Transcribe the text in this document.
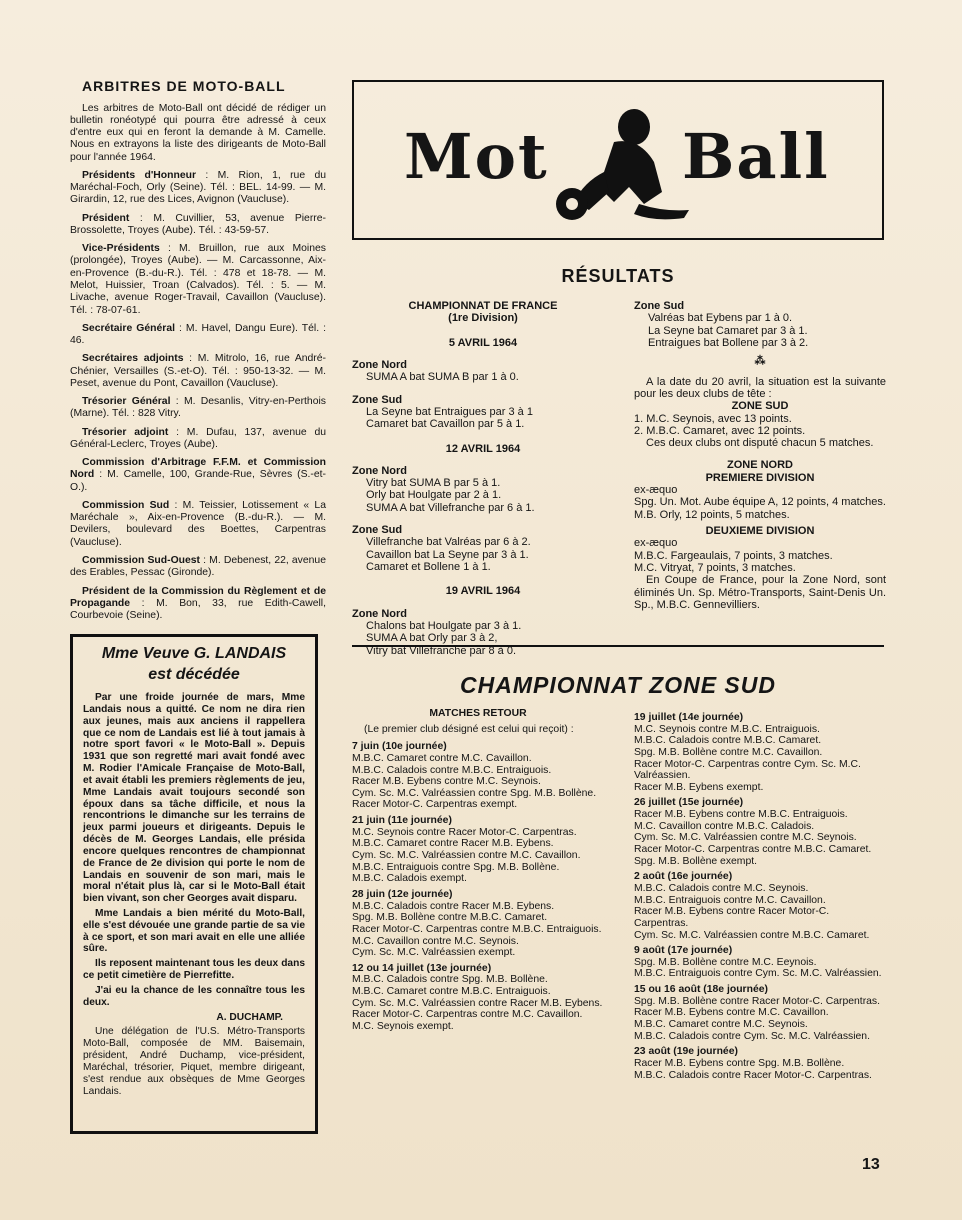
ARBITRES DE MOTO-BALL

Les arbitres de Moto-Ball ont décidé de rédiger un bulletin ronéotypé qui pourra être adressé à ceux d'entre eux qui en feront la demande à M. Camelle. Nous en extrayons la liste des dirigeants de Moto-Ball pour l'année 1964.

Présidents d'Honneur : M. Rion, 1, rue du Maréchal-Foch, Orly (Seine). Tél. : BEL. 14-99. — M. Girardin, 12, rue des Lices, Avignon (Vaucluse).

Président : M. Cuvillier, 53, avenue Pierre-Brossolette, Troyes (Aube). Tél. : 43-59-57.

Vice-Présidents : M. Bruillon, rue aux Moines (prolongée), Troyes (Aube). — M. Carcassonne, Aix-en-Provence (B.-du-R.). Tél. : 478 et 18-78. — M. Melot, Huissier, Troan (Calvados). Tél. : 5. — M. Livache, avenue Roger-Travail, Cavaillon (Vaucluse). Tél. : 78-07-61.

Secrétaire Général : M. Havel, Dangu Eure). Tél. : 46.

Secrétaires adjoints : M. Mitrolo, 16, rue André-Chénier, Versailles (S.-et-O). Tél. : 950-13-32. — M. Peset, avenue du Pont, Cavaillon (Vaucluse).

Trésorier Général : M. Desanlis, Vitry-en-Perthois (Marne). Tél. : 828 Vitry.

Trésorier adjoint : M. Dufau, 137, avenue du Général-Leclerc, Troyes (Aube).

Commission d'Arbitrage F.F.M. et Commission Nord : M. Camelle, 100, Grande-Rue, Sèvres (S.-et-O.).

Commission Sud : M. Teissier, Lotissement « La Maréchale », Aix-en-Provence (B.-du-R.). — M. Devilers, boulevard des Boettes, Carpentras (Vaucluse).

Commission Sud-Ouest : M. Debenest, 22, avenue des Erables, Pessac (Gironde).

Président de la Commission du Règlement et de Propagande : M. Bon, 33, rue Edith-Cawell, Courbevoie (Seine).

Mme Veuve G. LANDAIS
est décédée

Par une froide journée de mars, Mme Landais nous a quitté. Ce nom ne dira rien aux jeunes, mais aux anciens il rappellera que ce nom de Landais est lié à tout jamais à notre sport favori « le Moto-Ball ». Depuis 1931 que son regretté mari avait fondé avec M. Rodier l'Amicale Française de Moto-Ball, et avait établi les premiers règlements de jeu, Mme Landais avait toujours secondé son époux dans sa tâche difficile, et nous la rencontrions le dimanche sur les terrains de jeux parmi joueurs et dirigeants. Depuis le décès de M. Georges Landais, elle présida encore quelques rencontres de championnat de France de 2e division qui porte le nom de Landais en souvenir de son mari, mais le moral n'était plus là, car si le Moto-Ball était bien vivant, son cher Georges avait disparu.

Mme Landais a bien mérité du Moto-Ball, elle s'est dévouée une grande partie de sa vie à ce sport, et son mari avait en elle une alliée sûre.

Ils reposent maintenant tous les deux dans ce petit cimetière de Pierrefitte.

J'ai eu la chance de les connaître tous les deux.

A. DUCHAMP.

Une délégation de l'U.S. Métro-Transports Moto-Ball, composée de MM. Baisemain, président, André Duchamp, vice-président, Maréchal, trésorier, Piquet, membre dirigeant, s'est rendue aux obsèques de Mme Georges Landais.

Mot Ball
RÉSULTATS

CHAMPIONNAT DE FRANCE

(1re Division)

5 AVRIL 1964

Zone Nord

SUMA A bat SUMA B par 1 à 0.

Zone Sud

La Seyne bat Entraigues par 3 à 1

Camaret bat Cavaillon par 5 à 1.

12 AVRIL 1964

Zone Nord

Vitry bat SUMA B par 5 à 1.

Orly bat Houlgate par 2 à 1.

SUMA A bat Villefranche par 6 à 1.

Zone Sud

Villefranche bat Valréas par 6 à 2.

Cavaillon bat La Seyne par 3 à 1.

Camaret et Bollene 1 à 1.

19 AVRIL 1964

Zone Nord

Chalons bat Houlgate par 3 à 1.

SUMA A bat Orly par 3 à 2,

Vitry bat Villefranche par 8 à 0.

Zone Sud

Valréas bat Eybens par 1 à 0.

La Seyne bat Camaret par 3 à 1.

Entraigues bat Bollene par 3 à 2.

⁂

A la date du 20 avril, la situation est la suivante pour les deux clubs de tête :

ZONE SUD

1. M.C. Seynois, avec 13 points.

2. M.B.C. Camaret, avec 12 points.

Ces deux clubs ont disputé chacun 5 matches.

ZONE NORD

PREMIERE DIVISION

ex-æquo

Spg. Un. Mot. Aube équipe A, 12 points, 4 matches.

M.B. Orly, 12 points, 5 matches.

DEUXIEME DIVISION

ex-æquo

M.B.C. Fargeaulais, 7 points, 3 matches.

M.C. Vitryat, 7 points, 3 matches.

En Coupe de France, pour la Zone Nord, sont éliminés Un. Sp. Métro-Transports, Saint-Denis Un. Sp., M.B.C. Gennevilliers.

CHAMPIONNAT ZONE SUD

MATCHES RETOUR

(Le premier club désigné est celui qui reçoit) :

7 juin (10e journée)

M.B.C. Camaret contre M.C. Cavaillon.

M.B.C. Caladois contre M.B.C. Entraiguois.

Racer M.B. Eybens contre M.C. Seynois.

Cym. Sc. M.C. Valréassien contre Spg. M.B. Bollène.

Racer Motor-C. Carpentras exempt.

21 juin (11e journée)

M.C. Seynois contre Racer Motor-C. Carpentras.

M.B.C. Camaret contre Racer M.B. Eybens.

Cym. Sc. M.C. Valréassien contre M.C. Cavaillon.

M.B.C. Entraiguois contre Spg. M.B. Bollène.

M.B.C. Caladois exempt.

28 juin (12e journée)

M.B.C. Caladois contre Racer M.B. Eybens.

Spg. M.B. Bollène contre M.B.C. Camaret.

Racer Motor-C. Carpentras contre M.B.C. Entraiguois.

M.C. Cavaillon contre M.C. Seynois.

Cym. Sc. M.C. Valréassien exempt.

12 ou 14 juillet (13e journée)

M.B.C. Caladois contre Spg. M.B. Bollène.

M.B.C. Camaret contre M.B.C. Entraiguois.

Cym. Sc. M.C. Valréassien contre Racer M.B. Eybens.

Racer Motor-C. Carpentras contre M.C. Cavaillon.

M.C. Seynois exempt.

19 juillet (14e journée)

M.C. Seynois contre M.B.C. Entraiguois.

M.B.C. Caladois contre M.B.C. Camaret.

Spg. M.B. Bollène contre M.C. Cavaillon.

Racer Motor-C. Carpentras contre Cym. Sc. M.C. Valréassien.

Racer M.B. Eybens exempt.

26 juillet (15e journée)

Racer M.B. Eybens contre M.B.C. Entraiguois.

M.C. Cavaillon contre M.B.C. Caladois.

Cym. Sc. M.C. Valréassien contre M.C. Seynois.

Racer Motor-C. Carpentras contre M.B.C. Camaret.

Spg. M.B. Bollène exempt.

2 août (16e journée)

M.B.C. Caladois contre M.C. Seynois.

M.B.C. Entraiguois contre M.C. Cavaillon.

Racer M.B. Eybens contre Racer Motor-C. Carpentras.

Cym. Sc. M.C. Valréassien contre M.B.C. Camaret.

9 août (17e journée)

Spg. M.B. Bollène contre M.C. Eeynois.

M.B.C. Entraiguois contre Cym. Sc. M.C. Valréassien.

15 ou 16 août (18e journée)

Spg. M.B. Bollène contre Racer Motor-C. Carpentras.

Racer M.B. Eybens contre M.C. Cavaillon.

M.B.C. Camaret contre M.C. Seynois.

M.B.C. Caladois contre Cym. Sc. M.C. Valréassien.

23 août (19e journée)

Racer M.B. Eybens contre Spg. M.B. Bollène.

M.B.C. Caladois contre Racer Motor-C. Carpentras.

13
